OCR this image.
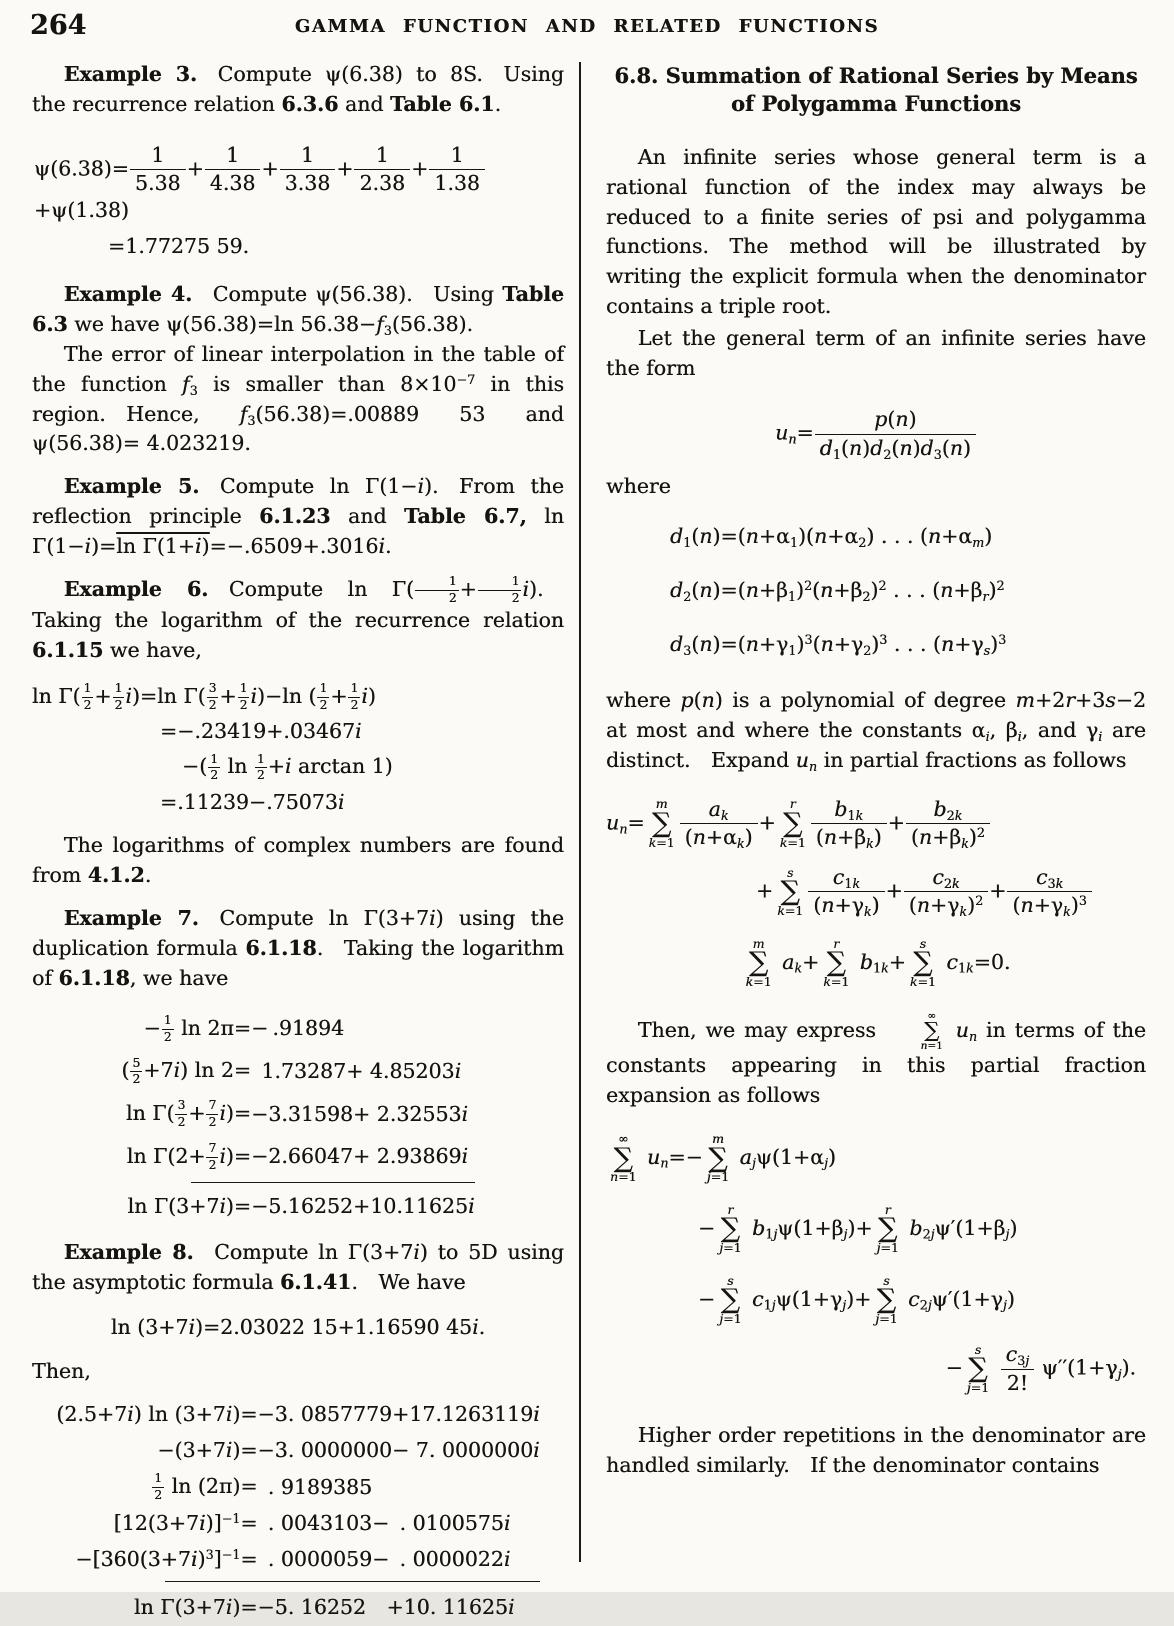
264	GAMMA FUNCTION AND RELATED FUNCTIONS

Example 3. Compute ψ(6.38) to 8S. Using the recurrence relation 6.3.6 and Table 6.1.

$\psi(6.38)= \frac{1}{5.38} + \frac{1}{4.38} + \frac{1}{3.38} + \frac{1}{2.38} + \frac{1}{1.38}$
+ψ(1.38)
=1.77275 59.

Example 4. Compute ψ(56.38). Using Table 6.3 we have ψ(56.38)=ln $56.38-f_3(56.38)$.

The error of linear interpolation in the table of the function $f_3$ is smaller than $8\times 10^{-7}$ in this region. Hence, $f_3(56.38)=.00889$ 53 and ψ(56.38)= 4.023219.

Example 5. Compute ln Γ(1−i). From the reflection principle 6.1.23 and Table 6.7, ln Γ(1−i)=ln Γ(1+i)=−.6509+.3016i.

Example 6. Compute $\ln \Gamma( \frac{1}{2} + \frac{1}{2} i)$. Taking the logarithm of the recurrence relation 6.1.15 we have,

$\ln \Gamma( \frac{1}{2} + \frac{1}{2} i)=\ln$ $\Gamma( \frac{3}{2} + \frac{1}{2} i)-\ln$ ( $\frac{1}{2} + \frac{1}{2} i$)
=−.23419+.03467i
−( $\frac{1}{2}$ $\ln \frac{1}{2} +i$ arctan 1)
=.11239−.75073i

The logarithms of complex numbers are found from 4.1.2.

Example 7. Compute ln Γ(3+7i) using the duplication formula 6.1.18. Taking the logarithm of 6.1.18, we have

− $\frac{1}{2}$ ln 2π=	− .91894
( $\frac{5}{2} +7i$) ln 2=	 1.73287+ 4.85203i
$\ln \Gamma( \frac{3}{2} + \frac{7}{2} i)=$	−3.31598+ 2.32553i
$\ln \Gamma(2+ \frac{7}{2} i)=$	−2.66047+ 2.93869i

ln Γ(3+7i)=	−5.16252+10.11625i

Example 8. Compute ln Γ(3+7i) to 5D using the asymptotic formula 6.1.41. We have

ln (3+7i)=2.03022 15+1.16590 45i.

Then,

(2.5+7i) ln (3+7i)=	−3. 0857779+17.1263119i
−(3+7i)=	−3. 0000000− 7. 0000000i

$\frac{1}{2}$ ln (2π)=	 . 9189385
$[12(3+7i)]^{-1}=$	 . 0043103− . 0100575i
$-[360(3+7i)^3]^{-1}=$	 . 0000059− . 0000022i

ln Γ(3+7i)=	−5. 16252 +10. 11625i

6.8. Summation of Rational Series by Means of Polygamma Functions

An infinite series whose general term is a rational function of the index may always be reduced to a finite series of psi and polygamma functions. The method will be illustrated by writing the explicit formula when the denominator contains a triple root.

Let the general term of an infinite series have the form

$u_n= \frac{p(n)}{d_1(n)d_2(n)d_3(n)}$

where

$d_1(n)=(n+\alpha_1)(n+\alpha_2)$ . . . $(n+\alpha_m)$
$d_2(n)=(n+\beta_1)^2(n+\beta_2)^2$ . . . $(n+\beta_r)^2$
$d_3(n)=(n+\gamma_1)^3(n+\gamma_2)^3$ . . . $(n+\gamma_s)^3$

where p(n) is a polynomial of degree m+2r+3s−2 at most and where the constants $\alpha_i$, $\beta_i$, and $\gamma_i$ are distinct. Expand $u_n$ in partial fractions as follows

$u_n=$
m
∑
$k=1 \frac{a_k}{(n+\alpha_k)}$ +
r
∑
$k=1 \frac{b_{1k}}{(n+\beta_k)} + \frac{b_{2k}}{(n+\beta_k)^2}$
+
s
∑
$k=1 \frac{c_{1k}}{(n+\gamma_k)} + \frac{c_{2k}}{(n+\gamma_k)^2} + \frac{c_{3k}}{(n+\gamma_k)^3}$
m
∑
k=1
$a_k+$
r
∑
k=1
$b_{1k}+$
s
∑
k=1
$c_{1k}=0$.

Then, we may express
∞
∑
n=1
$u_n$ in terms of the constants appearing in this partial fraction expansion as follows

∞
∑
n=1
$u_n=-$
m
∑
j=1
$a_j\psi(1+\alpha_j)$
−
r
∑
j=1
$b_{1j}\psi(1+\beta_j)+$
r
∑
j=1
$b_{2j}\psi'(1+\beta_j)$
−
s
∑
j=1
$c_{1j}\psi(1+\gamma_j)+$
s
∑
j=1
$c_{2j}\psi'(1+\gamma_j)$
−
s
∑
j=1
$\frac{c_{3j}}{2!} \psi''(1+\gamma_j)$.

Higher order repetitions in the denominator are handled similarly. If the denominator contains
